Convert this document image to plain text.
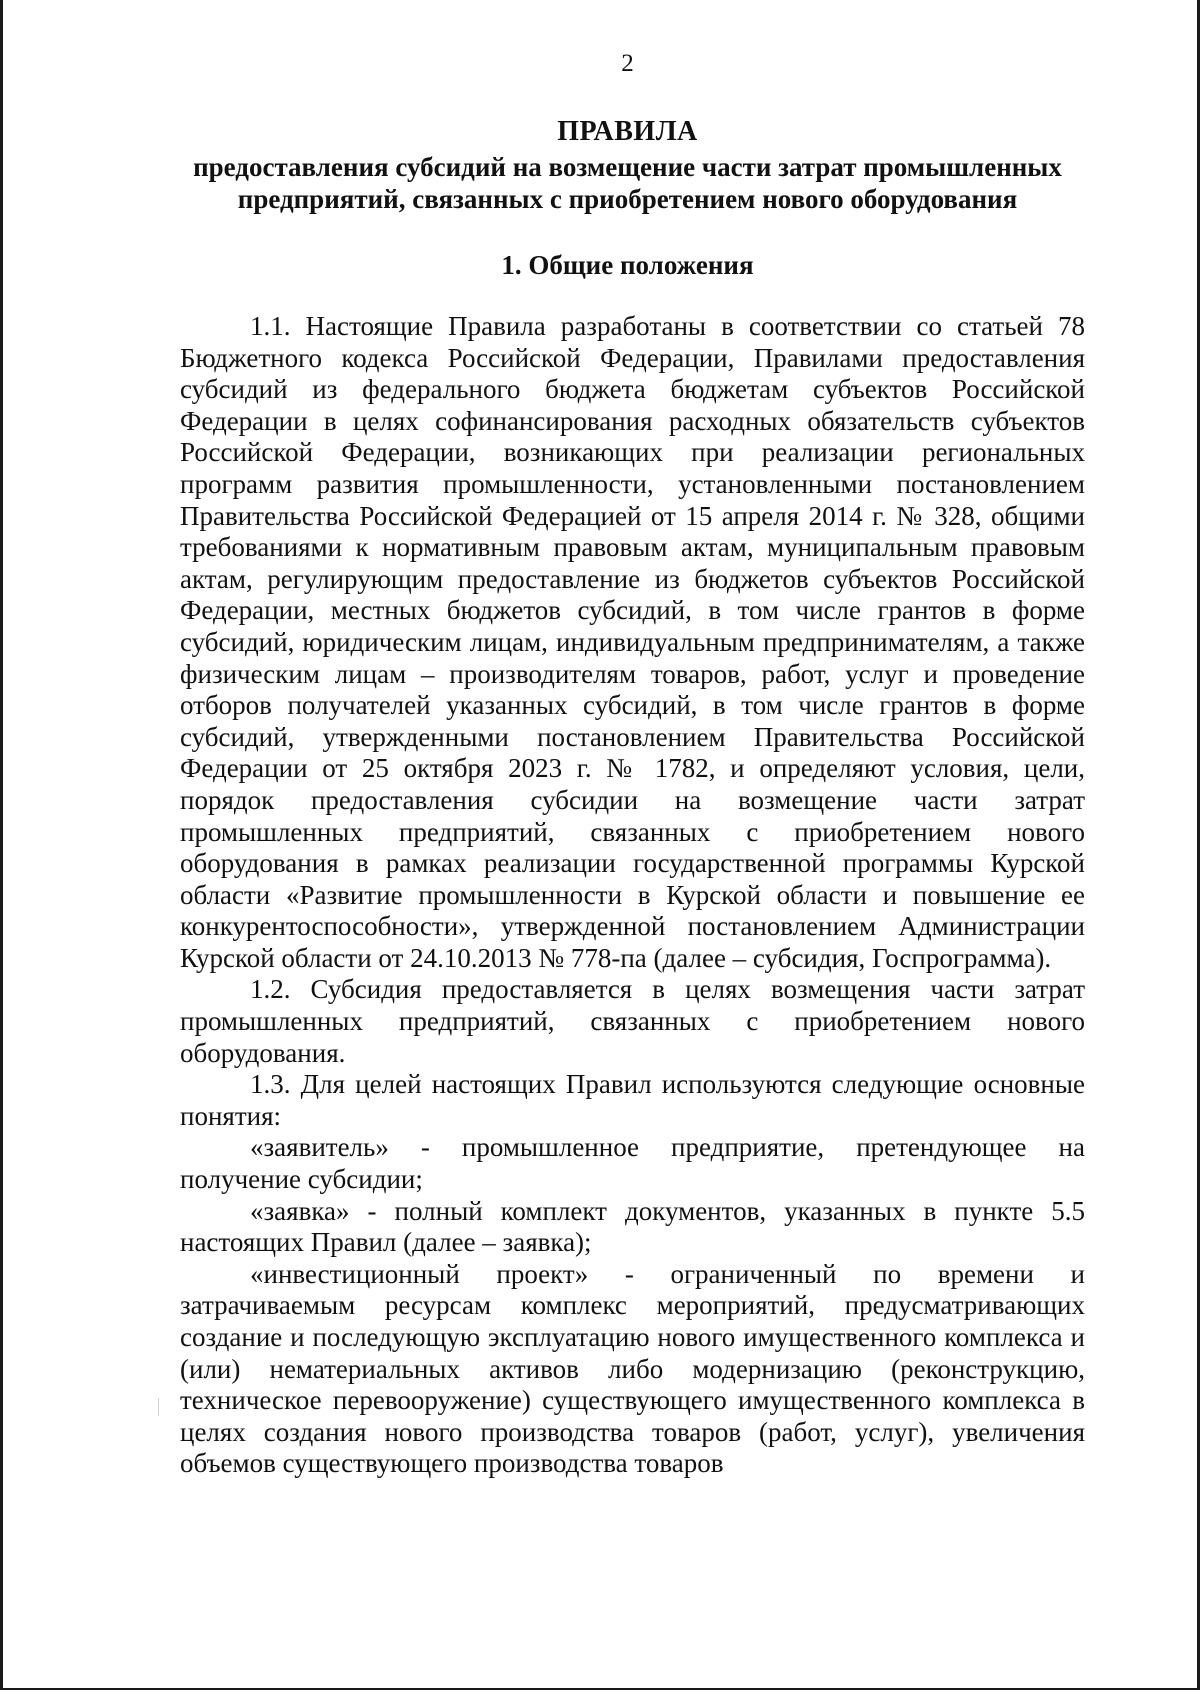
2
ПРАВИЛА
предоставления субсидий на возмещение части затрат промышленных предприятий, связанных с приобретением нового оборудования
1. Общие положения

1.1. Настоящие Правила разработаны в соответствии со статьей 78 Бюджетного кодекса Российской Федерации, Правилами предоставления субсидий из федерального бюджета бюджетам субъектов Российской Федерации в целях софинансирования расходных обязательств субъектов Российской Федерации, возникающих при реализации региональных программ развития промышленности, установленными постановлением Правительства Российской Федерацией от 15 апреля 2014 г. № 328, общими требованиями к нормативным правовым актам, муниципальным правовым актам, регулирующим предоставление из бюджетов субъектов Российской Федерации, местных бюджетов субсидий, в том числе грантов в форме субсидий, юридическим лицам, индивидуальным предпринимателям, а также физическим лицам – производителям товаров, работ, услуг и проведение отборов получателей указанных субсидий, в том числе грантов в форме субсидий, утвержденными постановлением Правительства Российской Федерации от 25 октября 2023 г. № 1782, и определяют условия, цели, порядок предоставления субсидии на возмещение части затрат промышленных предприятий, связанных с приобретением нового оборудования в рамках реализации государственной программы Курской области «Развитие промышленности в Курской области и повышение ее конкурентоспособности», утвержденной постановлением Администрации Курской области от 24.10.2013 № 778-па (далее – субсидия, Госпрограмма).

1.2. Субсидия предоставляется в целях возмещения части затрат промышленных предприятий, связанных с приобретением нового оборудования.

1.3. Для целей настоящих Правил используются следующие основные понятия:

«заявитель» - промышленное предприятие, претендующее на получение субсидии;

«заявка» - полный комплект документов, указанных в пункте 5.5 настоящих Правил (далее – заявка);

«инвестиционный проект» - ограниченный по времени и затрачиваемым ресурсам комплекс мероприятий, предусматривающих создание и последующую эксплуатацию нового имущественного комплекса и (или) нематериальных активов либо модернизацию (реконструкцию, техническое перевооружение) существующего имущественного комплекса в целях создания нового производства товаров (работ, услуг), увеличения объемов существующего производства товаров
